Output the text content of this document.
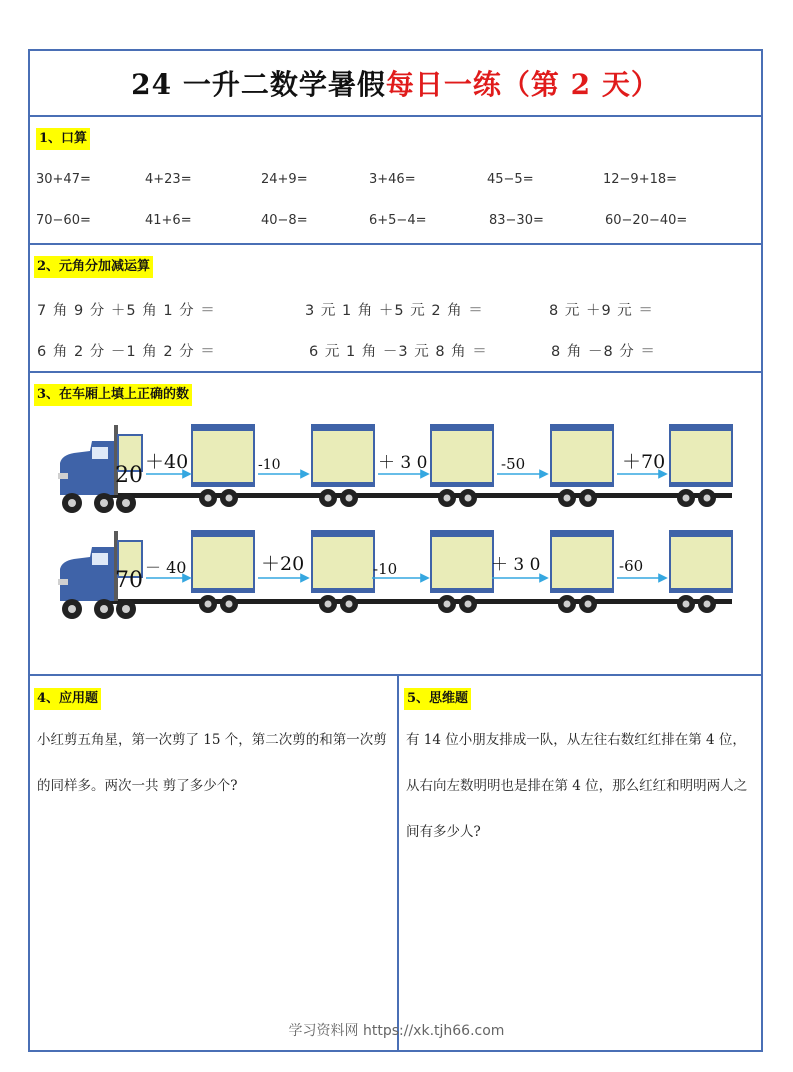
24 一升二数学暑假 每日一练（第 2 天）
1、口算
30+47=	4+23=	24+9=	3+46=	45−5=	12−9+18=
70−60=	41+6=	40−8=	6+5−4=	83−30=	60−20−40=
2、元角分加减运算
7 角 9 分 ＋5 角 1 分 ＝	3 元 1 角 ＋5 元 2 角 ＝	8 元 ＋9 元 ＝
6 角 2 分 －1 角 2 分 ＝	6 元 1 角 －3 元 8 角 ＝	8 角 －8 分 ＝
3、在车厢上填上正确的数
20
＋40	-10	＋ 3 0	-50	＋70
70
－ 40	＋20	-10	＋ 3 0	-60
4、应用题
小红剪五角星，第一次剪了 15 个，第二次剪的和第一次剪的同样多。两次一共 剪了多少个?
5、思维题
有 14 位小朋友排成一队，从左往右数红红排在第 4 位，从右向左数明明也是排在第 4 位，那么红红和明明两人之间有多少人?
学习资料网 https://xk.tjh66.com
